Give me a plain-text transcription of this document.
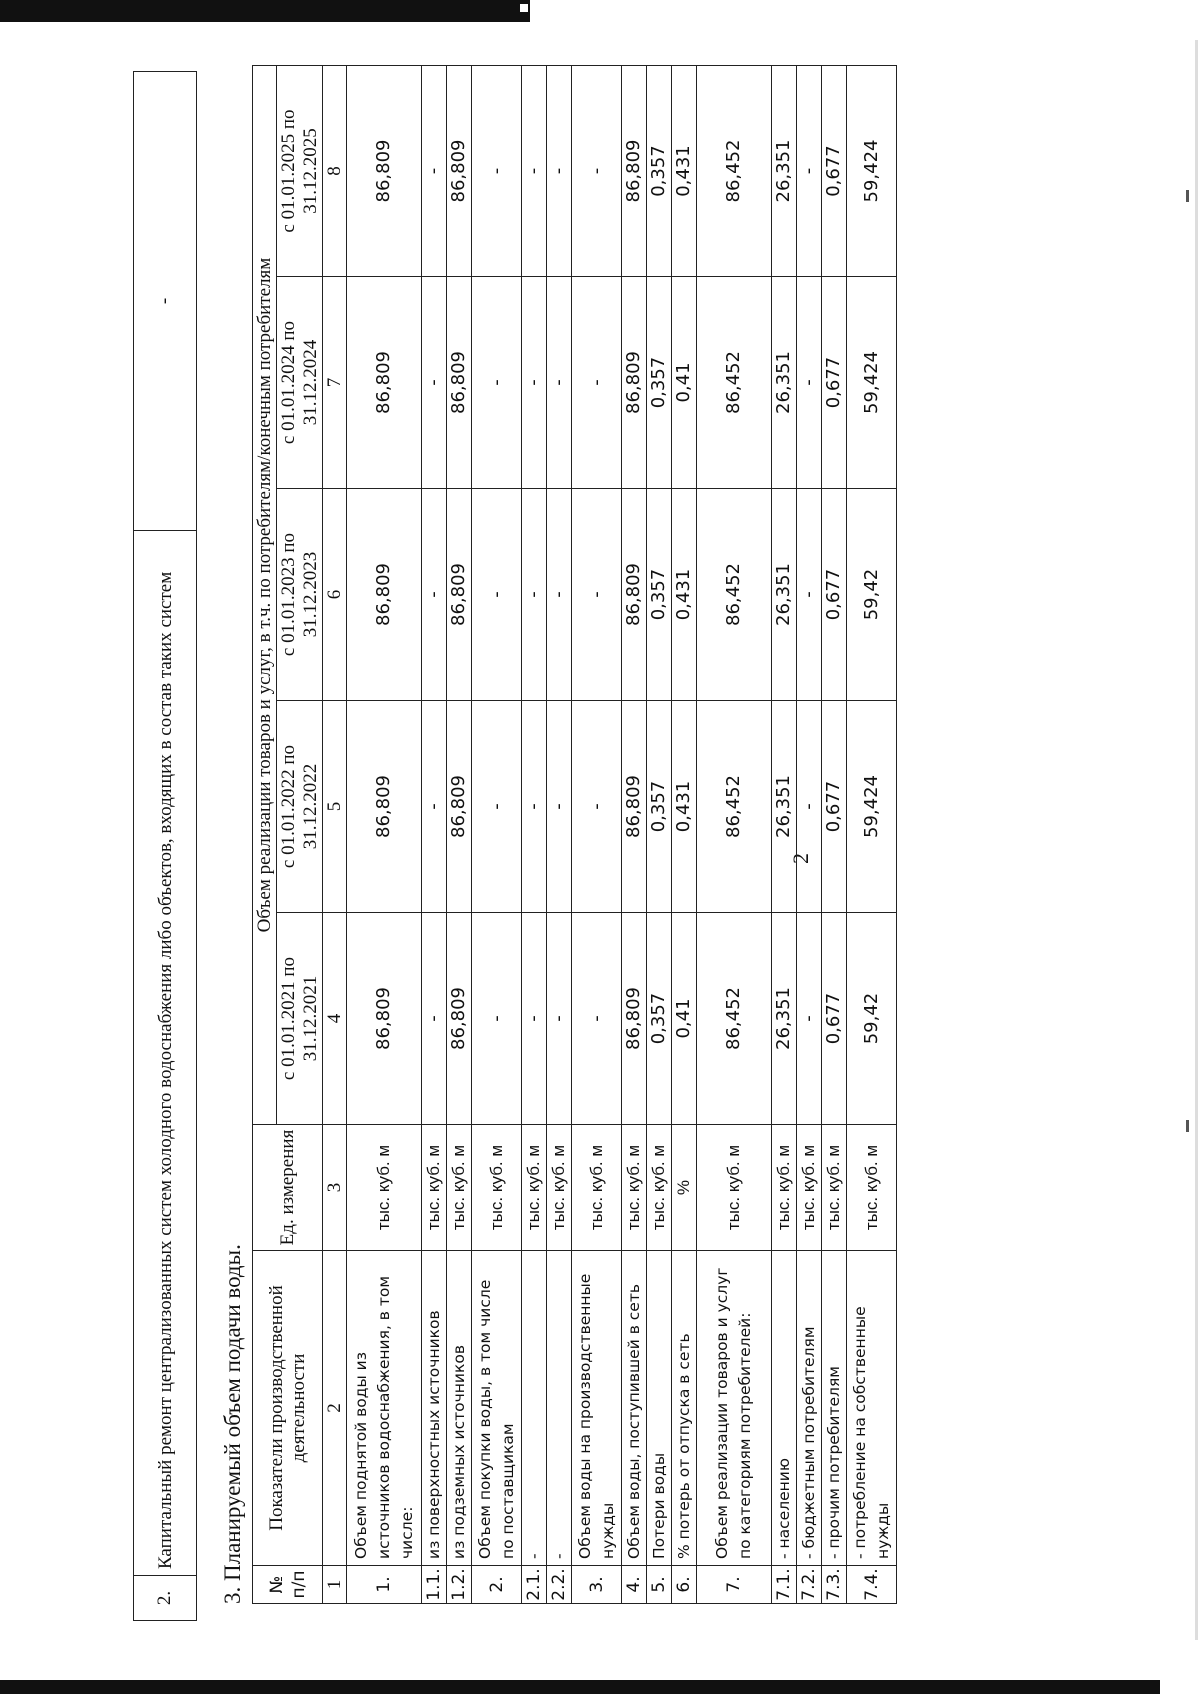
2
2.	Капитальный ремонт централизованных систем холодного водоснабжения либо объектов, входящих в состав таких систем	-
3. Планируемый объем подачи воды. № п/п	Показатели производственной деятельности	Ед. измерения	Объем реализации товаров и услуг, в т.ч. по потребителям/конечным потребителям				
			с 01.01.2021 по 31.12.2021	с 01.01.2022 по 31.12.2022	с 01.01.2023 по 31.12.2023	с 01.01.2024 по 31.12.2024	с 01.01.2025 по 31.12.2025
1	2	3	4	5	6	7	8
1.	Объем поднятой воды из источников водоснабжения, в том числе:	тыс. куб. м	86,809	86,809	86,809	86,809	86,809
1.1.	из поверхностных источников	тыс. куб. м	-	-	-	-	-
1.2.	из подземных источников	тыс. куб. м	86,809	86,809	86,809	86,809	86,809
2.	Объем покупки воды, в том числе по поставщикам	тыс. куб. м	-	-	-	-	-
2.1.	-	тыс. куб. м	-	-	-	-	-
2.2.	-	тыс. куб. м	-	-	-	-	-
3.	Объем воды на производственные нужды	тыс. куб. м	-	-	-	-	-
4.	Объем воды, поступившей в сеть	тыс. куб. м	86,809	86,809	86,809	86,809	86,809
5.	Потери воды	тыс. куб. м	0,357	0,357	0,357	0,357	0,357
6.	% потерь от отпуска в сеть	%	0,41	0,431	0,431	0,41	0,431
7.	Объем реализации товаров и услуг по категориям потребителей:	тыс. куб. м	86,452	86,452	86,452	86,452	86,452
7.1.	- населению	тыс. куб. м	26,351	26,351	26,351	26,351	26,351
7.2.	- бюджетным потребителям	тыс. куб. м	-	-	-	-	-
7.3.	- прочим потребителям	тыс. куб. м	0,677	0,677	0,677	0,677	0,677
7.4.	- потребление на собственные нужды	тыс. куб. м	59,42	59,424	59,42	59,424	59,424
